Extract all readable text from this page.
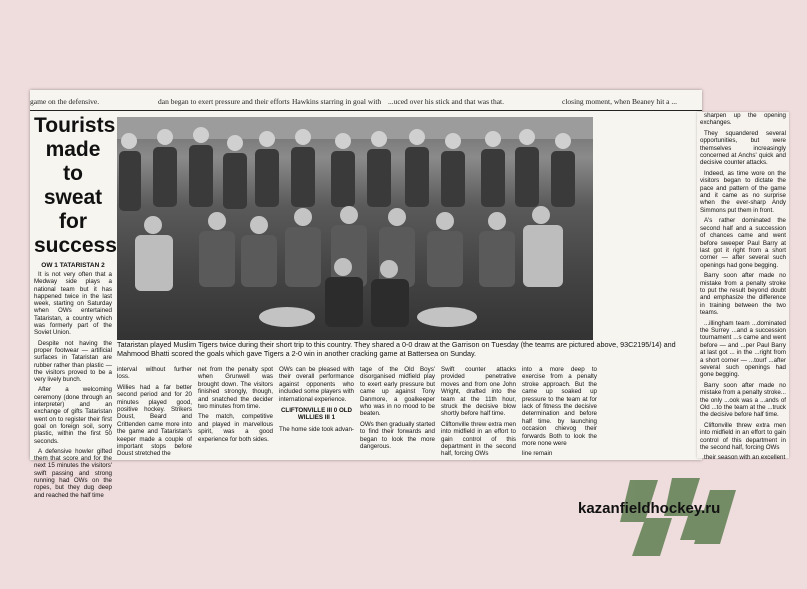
game on the defensive.	dan began to exert pressure and their efforts Hawkins starring in goal with ...uced over his stick and that was that.	closing moment, when Beaney hit a ...
Tourists made to sweat for success
OW 1 TATARISTAN 2

It is not very often that a Medway side plays a national team but it has happened twice in the last week, starting on Saturday when OWs entertained Tataristan, a country which was formerly part of the Soviet Union.

Despite not having the proper footwear — artificial surfaces in Tataristan are rubber rather than plastic — the visitors proved to be a very lively bunch.

After a welcoming ceremony (done through an interpreter) and an exchange of gifts Tataristan went on to register their first goal on foreign soil, sorry plastic, within the first 50 seconds.

A defensive howler gifted them that score and for the next 15 minutes the visitors' swift passing and strong running had OWs on the ropes, but they dug deep and reached the half time

Tataristan played Muslim Tigers twice during their short trip to this country. They shared a 0-0 draw at the Garrison on Tuesday (the teams are pictured above, 93C2195/14) and Mahmood Bhatti scored the goals which gave Tigers a 2-0 win in another cracking game at Battersea on Sunday.

interval without further loss.

Willies had a far better second period and for 20 minutes played good, positive hockey. Strikers Doust, Beard and Crittenden came more into the game and Tataristan's keeper made a couple of important stops before Doust stretched the

net from the penalty spot when Grunwell was brought down. The visitors finished strongly, though, and snatched the decider two minutes from time.

The match, competitive and played in marvellous spirit, was a good experience for both sides.

OWs can be pleased with their overall performance against opponents who included some players with international experience.

CLIFTONVILLE III 0 OLD WILLIES III 1

The home side took advan-

tage of the Old Boys' disorganised midfield play to exert early pressure but came up against Tony Danmore, a goalkeeper who was in no mood to be beaten.

OWs then gradually started to find their forwards and began to look the more dangerous.

Swift counter attacks provided penetrative moves and from one John Wright, drafted into the team at the 11th hour, struck the decisive blow shortly before half time.

Cliftonville threw extra men into midfield in an effort to gain control of this department in the second half, forcing OWs

into a more deep to exercise from a penalty stroke approach. But the came up soaked up pressure to the team at for lack of fitness the decisive determination and before half time. by launching occasion chievog their forwards Both to look the more none were

line remain

sharpen up the opening exchanges.

They squandered several opportunities, but were themselves increasingly concerned at Anchs' quick and decisive counter attacks.

Indeed, as time wore on the visitors began to dictate the pace and pattern of the game and it came as no surprise when the ever-sharp Andy Simmons put them in front.

A's rather dominated the second half and a succession of chances came and went before sweeper Paul Barry at last got it right from a short corner — after several such openings had gone begging.

Barry soon after made no mistake from a penalty stroke to put the result beyond doubt and emphasize the difference in training between the two teams.

...illingham team ...dominated the Surrey ...and a succession tournament ...s came and went before — and ...per Paul Barry at last got ... in the ...right from a short corner — ...tourf ...after several such openings had gone begging.

Barry soon after made no mistake from a penalty stroke... the only ...ook was a ...ands of Old ...to the team at the ...truck the decisive before half time.

Cliftonville threw extra men into midfield in an effort to gain control of this department in the second half, forcing OWs

their season with an excellent

kazanfieldhockey.ru
